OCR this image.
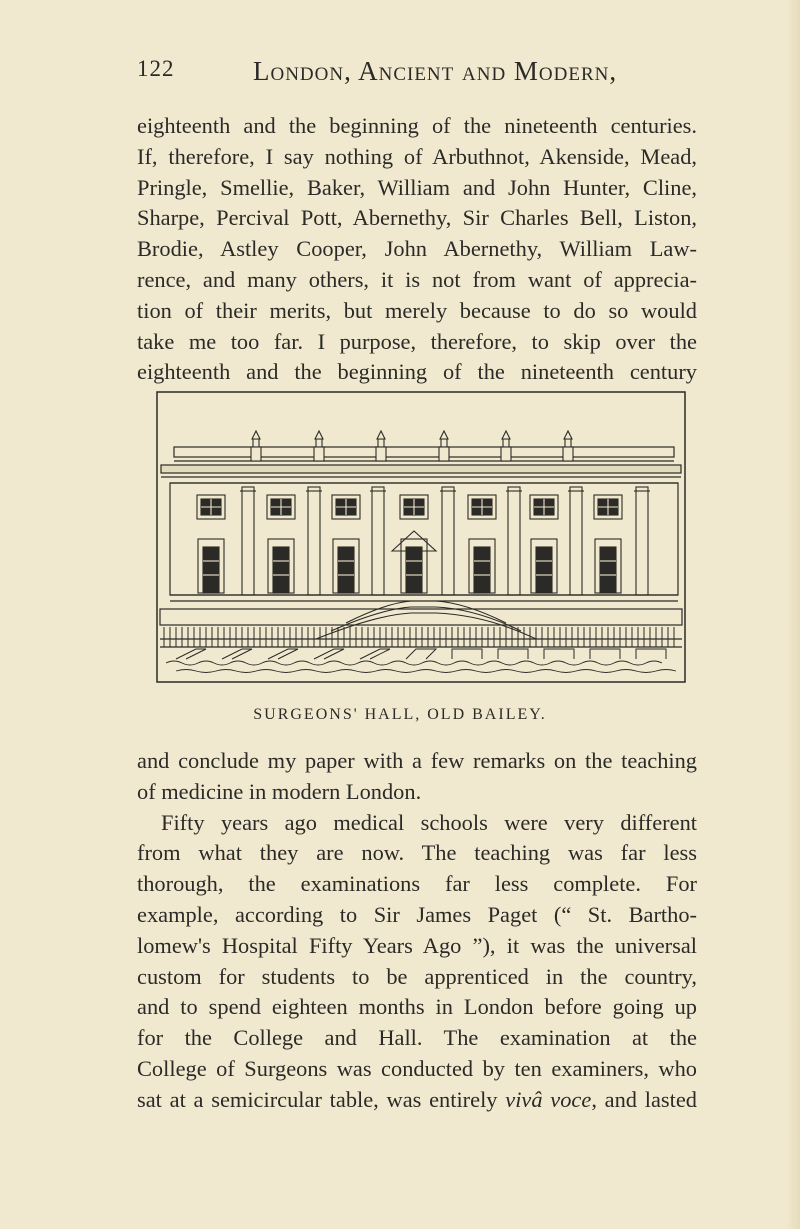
122	London, Ancient and Modern,
eighteenth and the beginning of the nineteenth centuries.
If, therefore, I say nothing of Arbuthnot, Akenside, Mead,
Pringle, Smellie, Baker, William and John Hunter, Cline,
Sharpe, Percival Pott, Abernethy, Sir Charles Bell, Liston,
Brodie, Astley Cooper, John Abernethy, William Law-
rence, and many others, it is not from want of apprecia-
tion of their merits, but merely because to do so would
take me too far. I purpose, therefore, to skip over the
eighteenth and the beginning of the nineteenth century
SURGEONS' HALL, OLD BAILEY.
and conclude my paper with a few remarks on the teaching
of medicine in modern London.
Fifty years ago medical schools were very different
from what they are now. The teaching was far less
thorough, the examinations far less complete. For
example, according to Sir James Paget (“ St. Bartho-
lomew's Hospital Fifty Years Ago ”), it was the universal
custom for students to be apprenticed in the country,
and to spend eighteen months in London before going up
for the College and Hall. The examination at the
College of Surgeons was conducted by ten examiners, who
sat at a semicircular table, was entirely vivâ voce, and lasted
